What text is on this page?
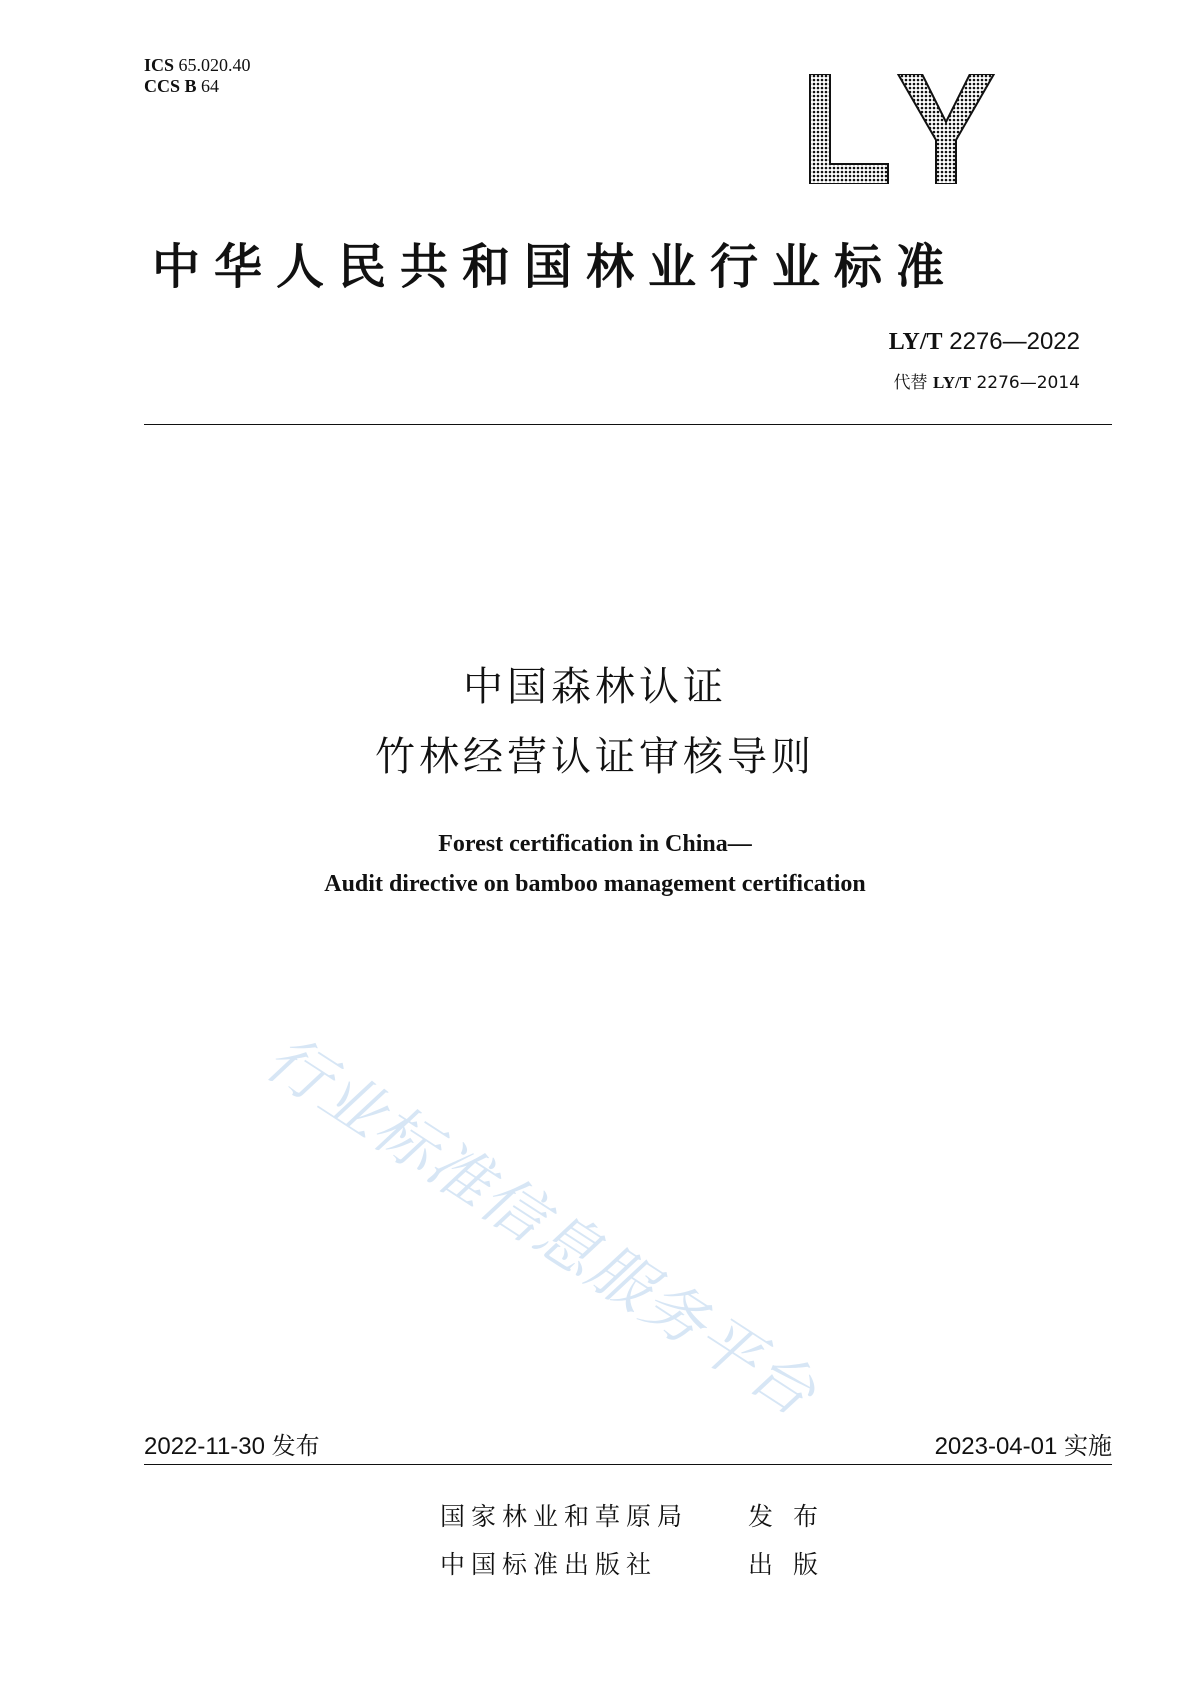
ICS 65.020.40
CCS B 64
中华人民共和国林业行业标准
LY/T 2276—2022
代替 LY/T 2276—2014
中国森林认证
竹林经营认证审核导则
Forest certification in China—
Audit directive on bamboo management certification
行业标准信息服务平台
2022-11-30 发布	2023-04-01 实施
国家林业和草原局 发 布
中国标准出版社	出 版
